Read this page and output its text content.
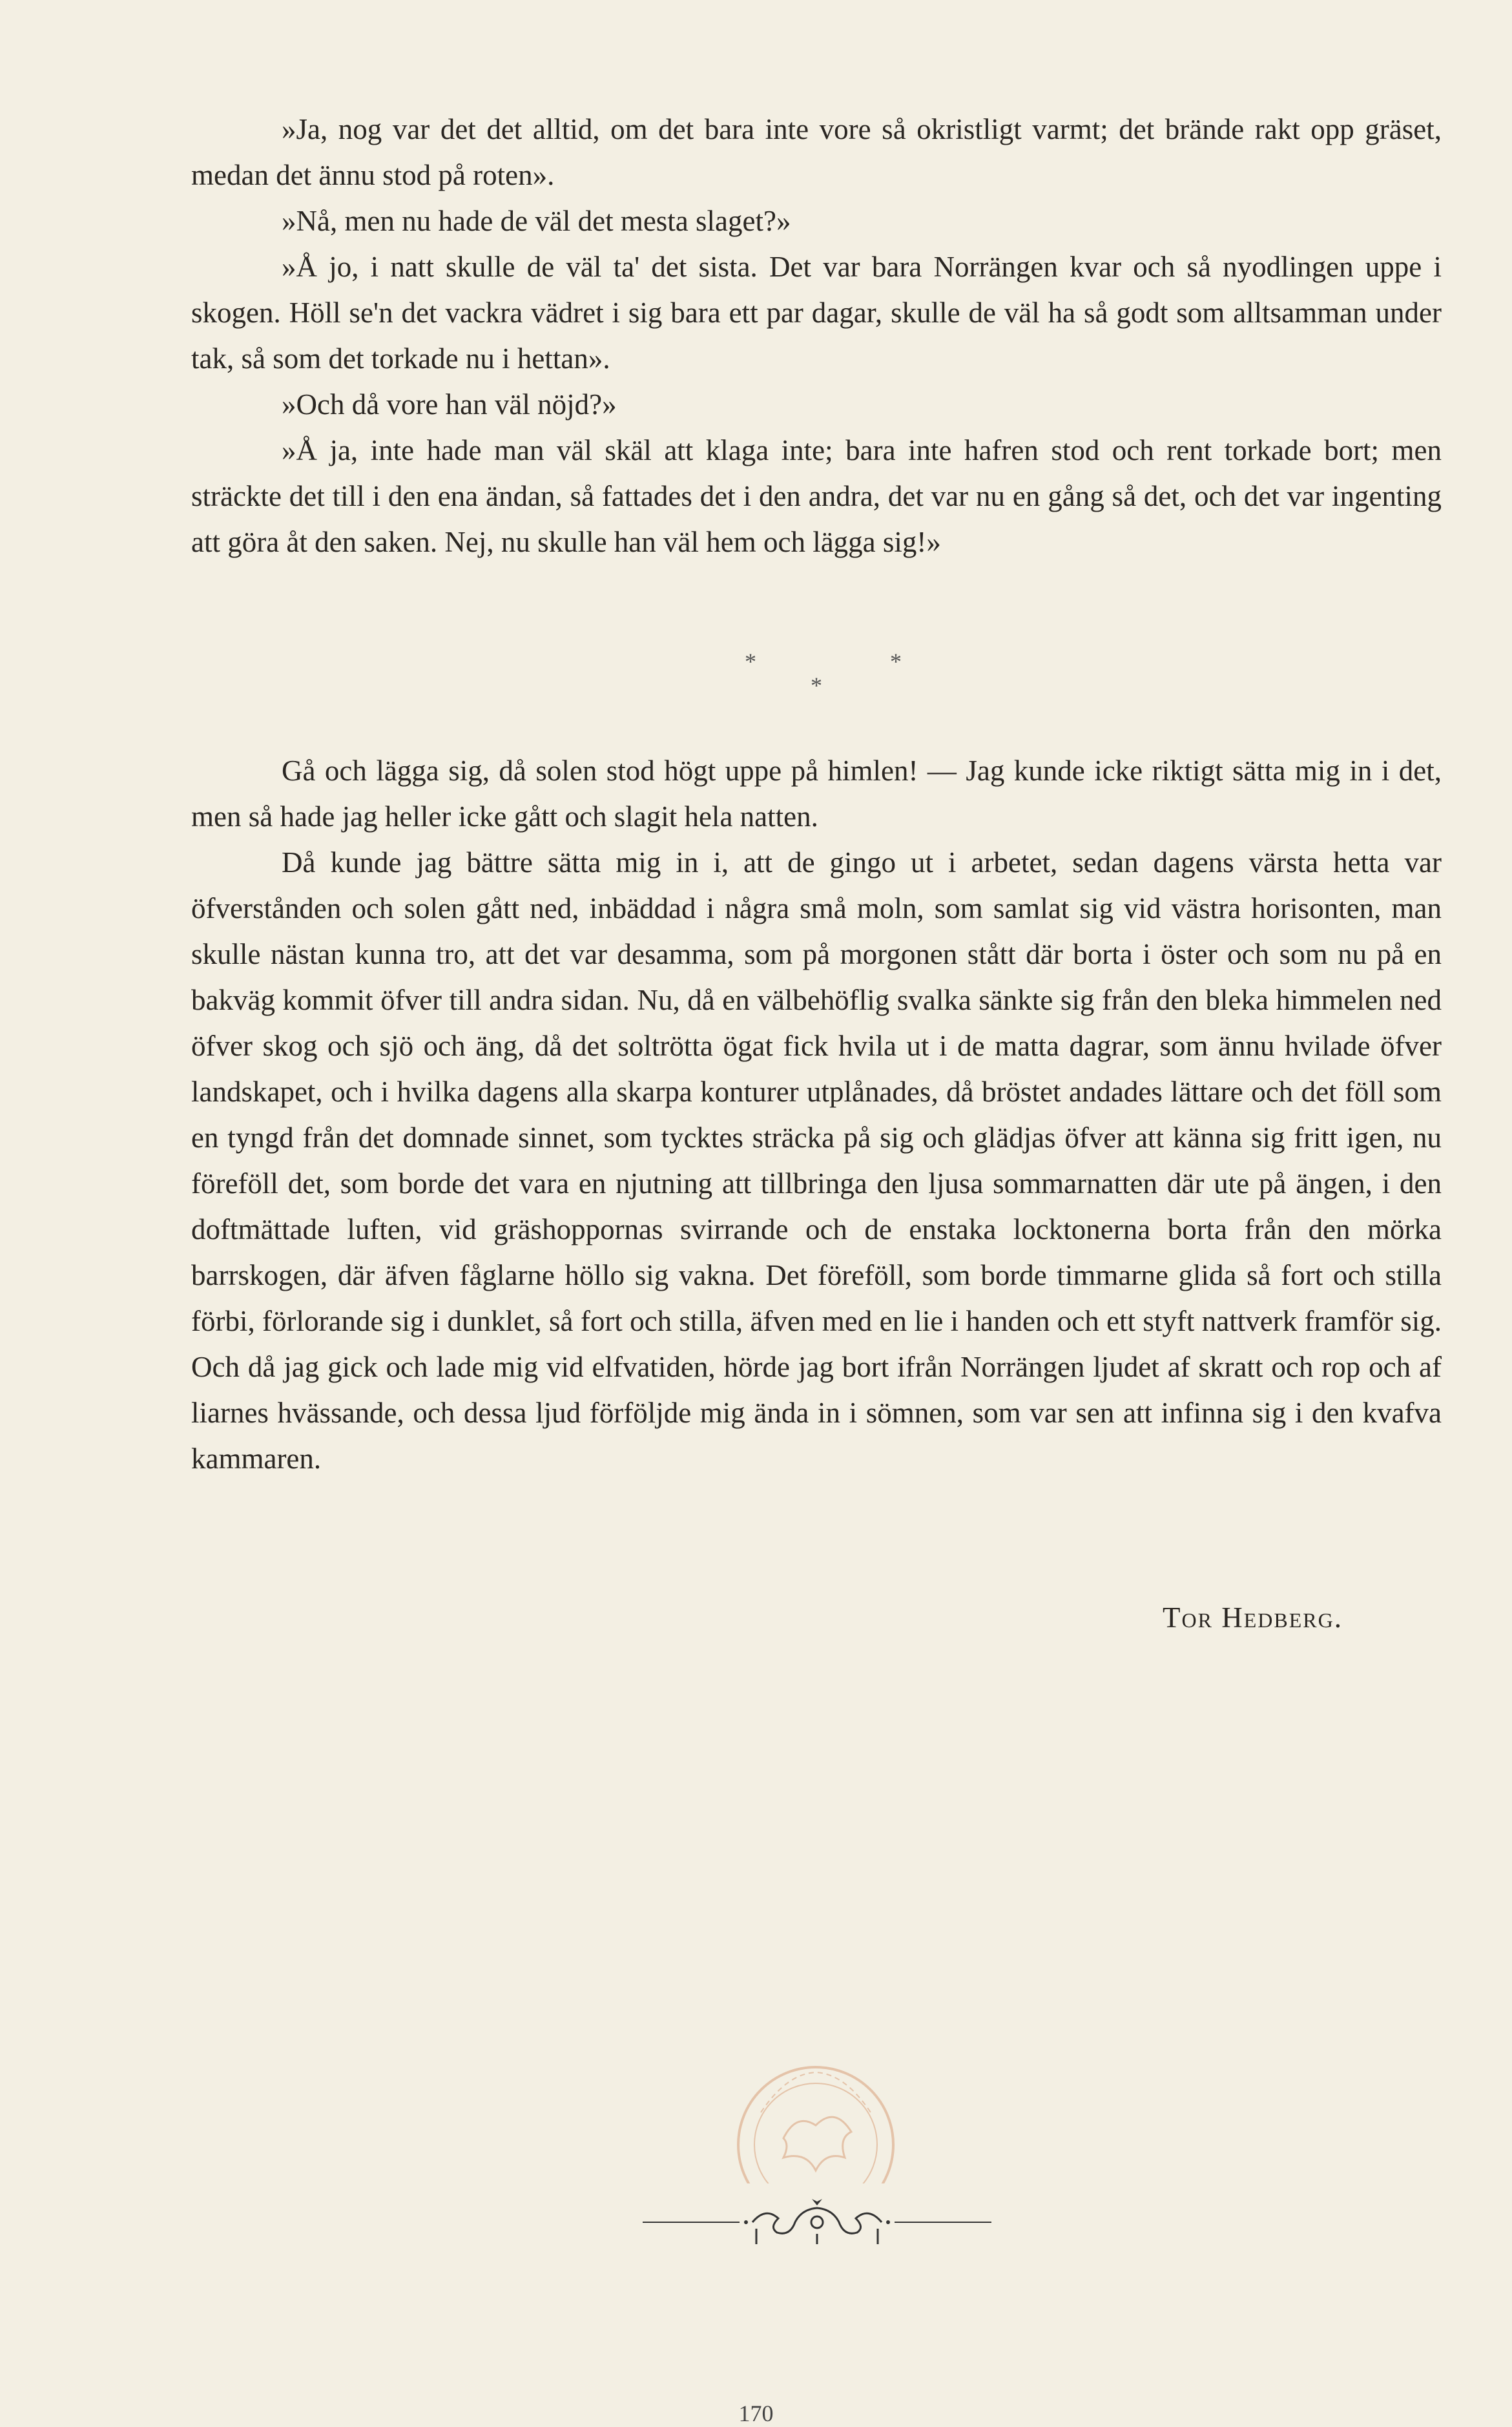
»Ja, nog var det det alltid, om det bara inte vore så okristligt varmt; det brände rakt opp gräset, medan det ännu stod på roten».

»Nå, men nu hade de väl det mesta slaget?»

»Å jo, i natt skulle de väl ta' det sista. Det var bara Norrängen kvar och så nyodlingen uppe i skogen. Höll se'n det vackra vädret i sig bara ett par dagar, skulle de väl ha så godt som alltsamman under tak, så som det torkade nu i hettan».

»Och då vore han väl nöjd?»

»Å ja, inte hade man väl skäl att klaga inte; bara inte hafren stod och rent torkade bort; men sträckte det till i den ena ändan, så fattades det i den andra, det var nu en gång så det, och det var ingenting att göra åt den saken. Nej, nu skulle han väl hem och lägga sig!»

*	*
*

Gå och lägga sig, då solen stod högt uppe på himlen! — Jag kunde icke riktigt sätta mig in i det, men så hade jag heller icke gått och slagit hela natten.

Då kunde jag bättre sätta mig in i, att de gingo ut i arbetet, sedan dagens värsta hetta var öfverstånden och solen gått ned, inbäddad i några små moln, som samlat sig vid västra horisonten, man skulle nästan kunna tro, att det var desamma, som på morgonen stått där borta i öster och som nu på en bakväg kommit öfver till andra sidan. Nu, då en välbehöflig svalka sänkte sig från den bleka himmelen ned öfver skog och sjö och äng, då det soltrötta ögat fick hvila ut i de matta dagrar, som ännu hvilade öfver landskapet, och i hvilka dagens alla skarpa konturer utplånades, då bröstet andades lättare och det föll som en tyngd från det domnade sinnet, som tycktes sträcka på sig och glädjas öfver att känna sig fritt igen, nu föreföll det, som borde det vara en njutning att tillbringa den ljusa sommarnatten där ute på ängen, i den doftmättade luften, vid gräshoppornas svirrande och de enstaka locktonerna borta från den mörka barrskogen, där äfven fåglarne höllo sig vakna. Det föreföll, som borde timmarne glida så fort och stilla förbi, förlorande sig i dunklet, så fort och stilla, äfven med en lie i handen och ett styft nattverk framför sig. Och då jag gick och lade mig vid elfvatiden, hörde jag bort ifrån Norrängen ljudet af skratt och rop och af liarnes hvässande, och dessa ljud förföljde mig ända in i sömnen, som var sen att infinna sig i den kvafva kammaren.

Tor Hedberg.
170
